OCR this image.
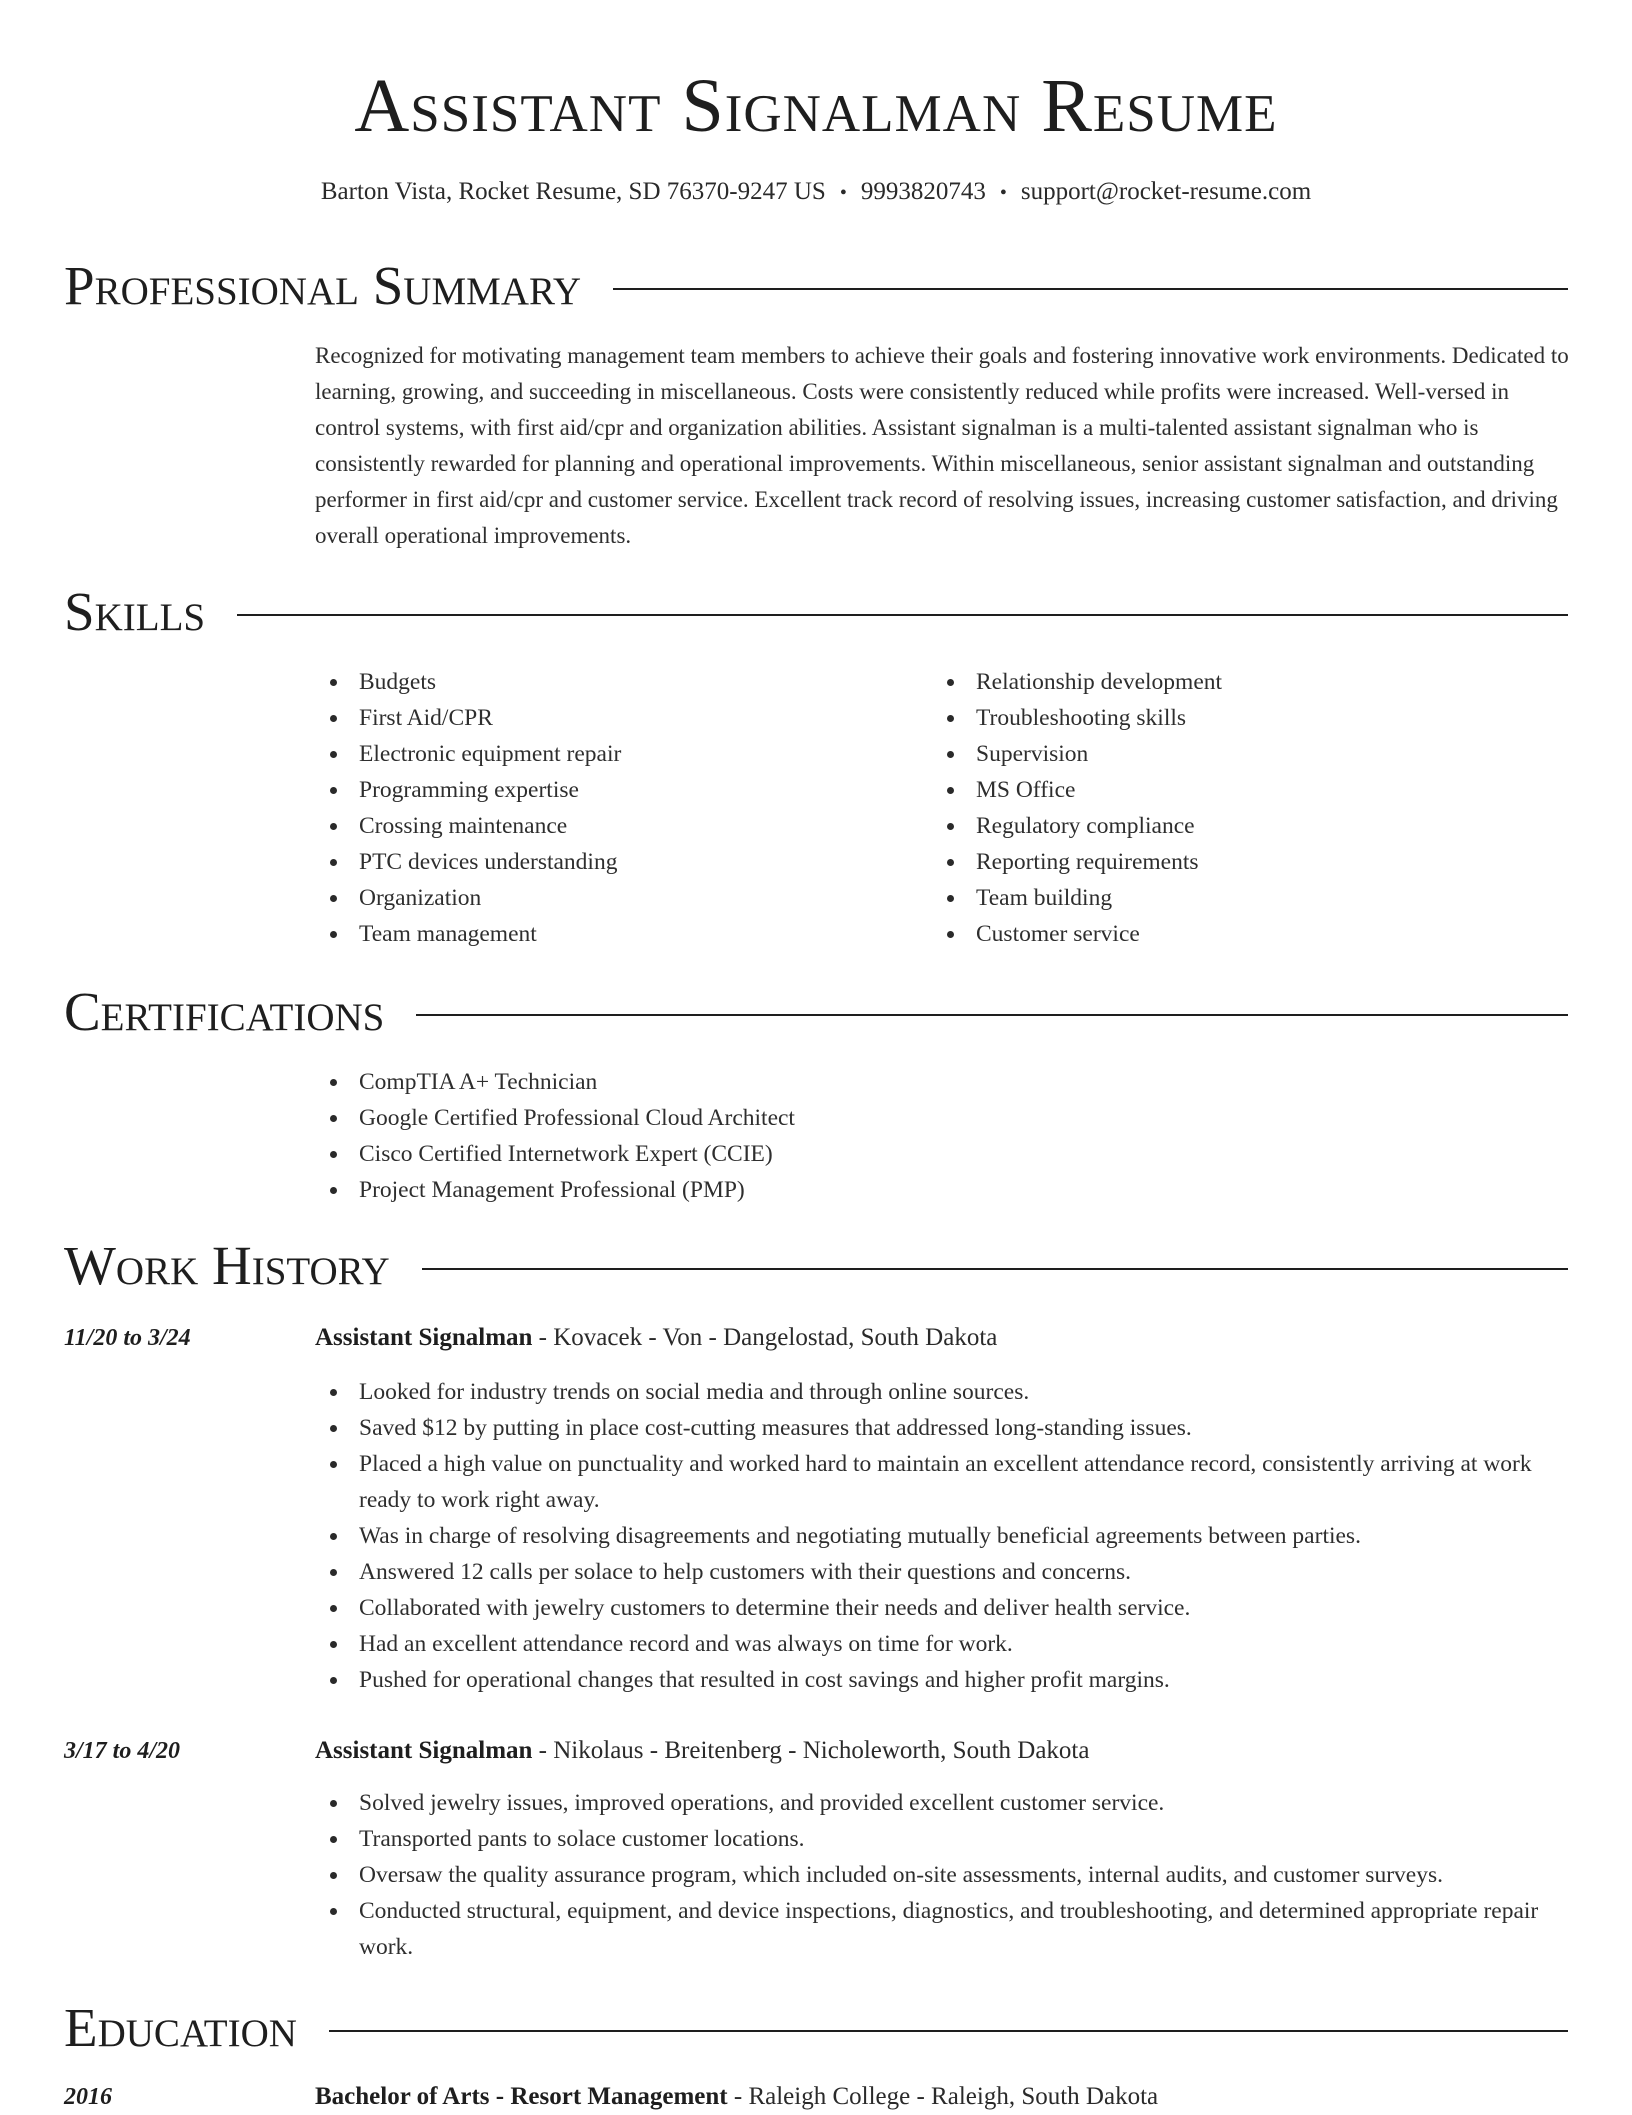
Assistant Signalman Resume
Barton Vista, Rocket Resume, SD 76370-9247 US • 9993820743 • support@rocket-resume.com
Professional Summary
Recognized for motivating management team members to achieve their goals and fostering innovative work environments. Dedicated to learning, growing, and succeeding in miscellaneous. Costs were consistently reduced while profits were increased. Well-versed in control systems, with first aid/cpr and organization abilities. Assistant signalman is a multi-talented assistant signalman who is consistently rewarded for planning and operational improvements. Within miscellaneous, senior assistant signalman and outstanding performer in first aid/cpr and customer service. Excellent track record of resolving issues, increasing customer satisfaction, and driving overall operational improvements.
Skills
Budgets
First Aid/CPR
Electronic equipment repair
Programming expertise
Crossing maintenance
PTC devices understanding
Organization
Team management
Relationship development
Troubleshooting skills
Supervision
MS Office
Regulatory compliance
Reporting requirements
Team building
Customer service
Certifications
CompTIA A+ Technician
Google Certified Professional Cloud Architect
Cisco Certified Internetwork Expert (CCIE)
Project Management Professional (PMP)
Work History
11/20 to 3/24	Assistant Signalman - Kovacek - Von - Dangelostad, South Dakota
Looked for industry trends on social media and through online sources.
Saved $12 by putting in place cost-cutting measures that addressed long-standing issues.
Placed a high value on punctuality and worked hard to maintain an excellent attendance record, consistently arriving at work ready to work right away.
Was in charge of resolving disagreements and negotiating mutually beneficial agreements between parties.
Answered 12 calls per solace to help customers with their questions and concerns.
Collaborated with jewelry customers to determine their needs and deliver health service.
Had an excellent attendance record and was always on time for work.
Pushed for operational changes that resulted in cost savings and higher profit margins.
3/17 to 4/20	Assistant Signalman - Nikolaus - Breitenberg - Nicholeworth, South Dakota
Solved jewelry issues, improved operations, and provided excellent customer service.
Transported pants to solace customer locations.
Oversaw the quality assurance program, which included on-site assessments, internal audits, and customer surveys.
Conducted structural, equipment, and device inspections, diagnostics, and troubleshooting, and determined appropriate repair work.
Education
2016	Bachelor of Arts - Resort Management - Raleigh College - Raleigh, South Dakota
